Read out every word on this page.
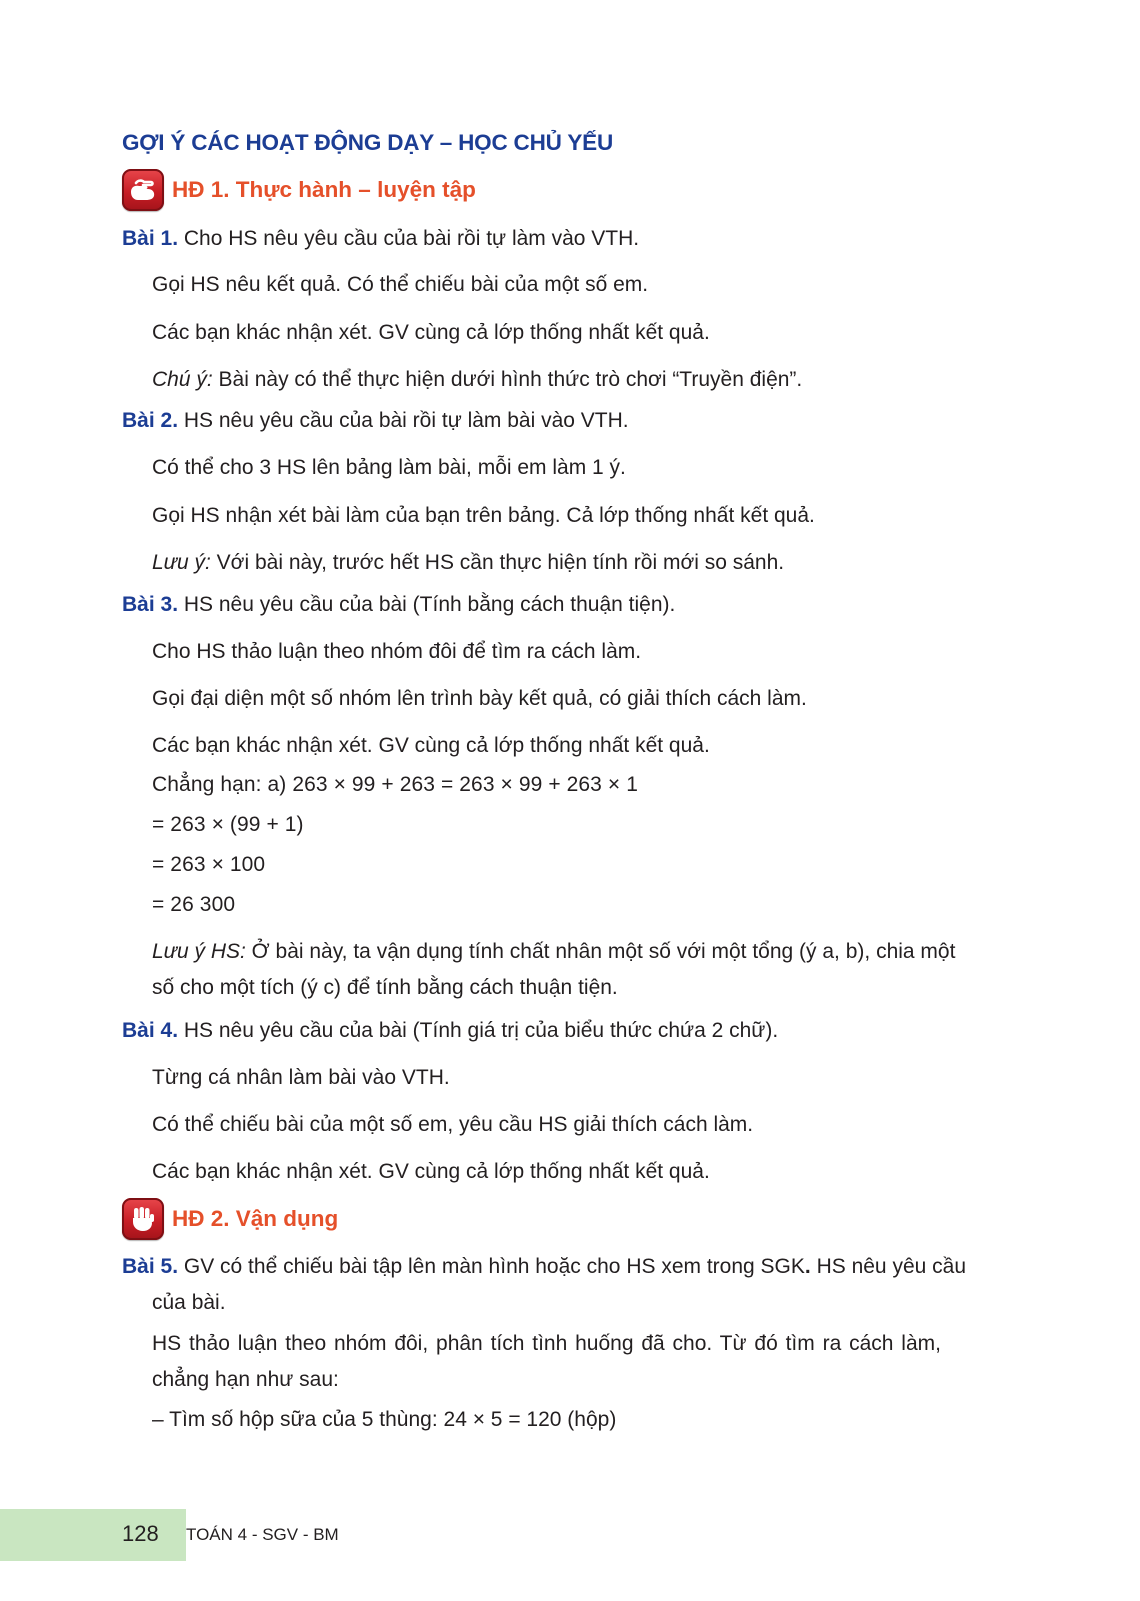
GỢI Ý CÁC HOẠT ĐỘNG DẠY – HỌC CHỦ YẾU
HĐ 1. Thực hành – luyện tập
Bài 1. Cho HS nêu yêu cầu của bài rồi tự làm vào VTH.
Gọi HS nêu kết quả. Có thể chiếu bài của một số em.
Các bạn khác nhận xét. GV cùng cả lớp thống nhất kết quả.
Chú ý: Bài này có thể thực hiện dưới hình thức trò chơi “Truyền điện”.
Bài 2. HS nêu yêu cầu của bài rồi tự làm bài vào VTH.
Có thể cho 3 HS lên bảng làm bài, mỗi em làm 1 ý.
Gọi HS nhận xét bài làm của bạn trên bảng. Cả lớp thống nhất kết quả.
Lưu ý: Với bài này, trước hết HS cần thực hiện tính rồi mới so sánh.
Bài 3. HS nêu yêu cầu của bài (Tính bằng cách thuận tiện).
Cho HS thảo luận theo nhóm đôi để tìm ra cách làm.
Gọi đại diện một số nhóm lên trình bày kết quả, có giải thích cách làm.
Các bạn khác nhận xét. GV cùng cả lớp thống nhất kết quả.
Chẳng hạn: a) 263 × 99 + 263 = 263 × 99 + 263 × 1
= 263 × (99 + 1)
= 263 × 100
= 26 300
Lưu ý HS: Ở bài này, ta vận dụng tính chất nhân một số với một tổng (ý a, b), chia một
số cho một tích (ý c) để tính bằng cách thuận tiện.
Bài 4. HS nêu yêu cầu của bài (Tính giá trị của biểu thức chứa 2 chữ).
Từng cá nhân làm bài vào VTH.
Có thể chiếu bài của một số em, yêu cầu HS giải thích cách làm.
Các bạn khác nhận xét. GV cùng cả lớp thống nhất kết quả.
HĐ 2. Vận dụng
Bài 5. GV có thể chiếu bài tập lên màn hình hoặc cho HS xem trong SGK. HS nêu yêu cầu
của bài.
HS thảo luận theo nhóm đôi, phân tích tình huống đã cho. Từ đó tìm ra cách làm,
chẳng hạn như sau:
– Tìm số hộp sữa của 5 thùng: 24 × 5 = 120 (hộp)
128 TOÁN 4 - SGV - BM
